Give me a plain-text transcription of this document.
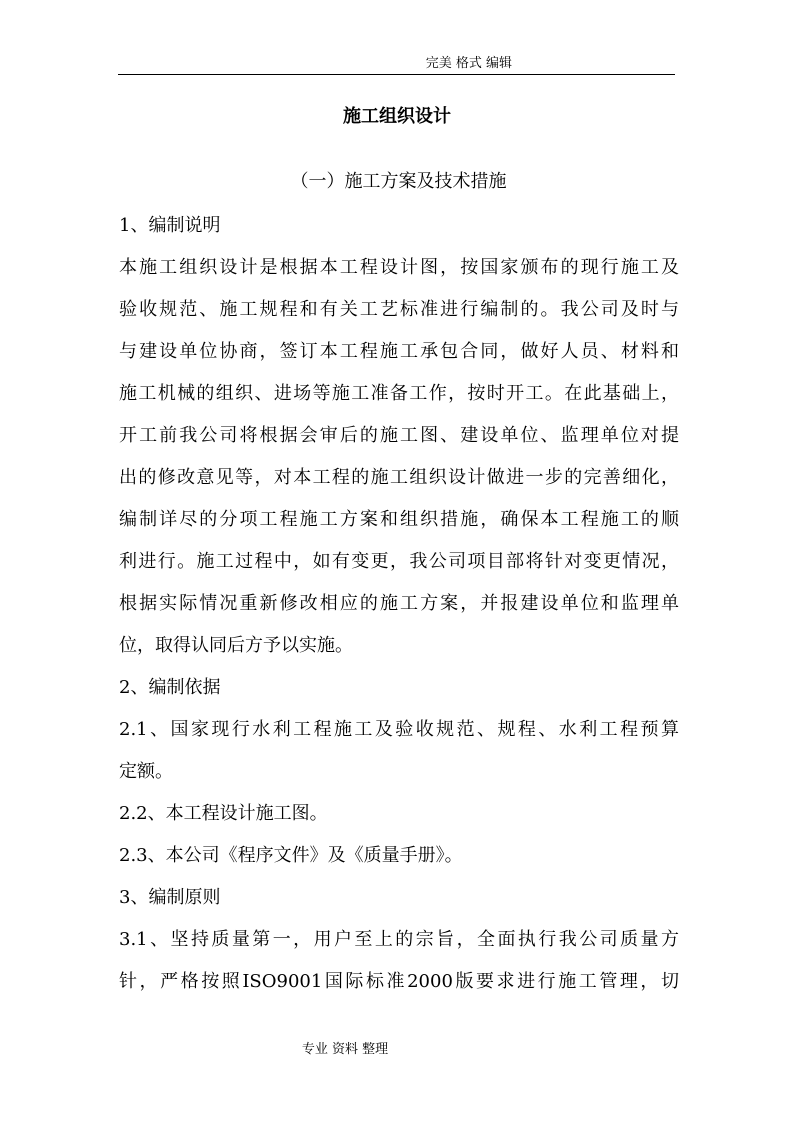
完美 格式 编辑
施工组织设计
（一）施工方案及技术措施
1、编制说明
本施工组织设计是根据本工程设计图，按国家颁布的现行施工及
验收规范、施工规程和有关工艺标准进行编制的。我公司及时与
与建设单位协商，签订本工程施工承包合同，做好人员、材料和
施工机械的组织、进场等施工准备工作，按时开工。在此基础上，
开工前我公司将根据会审后的施工图、建设单位、监理单位对提
出的修改意见等，对本工程的施工组织设计做进一步的完善细化，
编制详尽的分项工程施工方案和组织措施，确保本工程施工的顺
利进行。施工过程中，如有变更，我公司项目部将针对变更情况，
根据实际情况重新修改相应的施工方案，并报建设单位和监理单
位，取得认同后方予以实施。
2、编制依据
2.1、国家现行水利工程施工及验收规范、规程、水利工程预算
定额。
2.2、本工程设计施工图。
2.3、本公司《程序文件》及《质量手册》。
3、编制原则
3.1、坚持质量第一，用户至上的宗旨，全面执行我公司质量方
针，严格按照ISO9001国际标准2000版要求进行施工管理，切
专业 资料 整理
